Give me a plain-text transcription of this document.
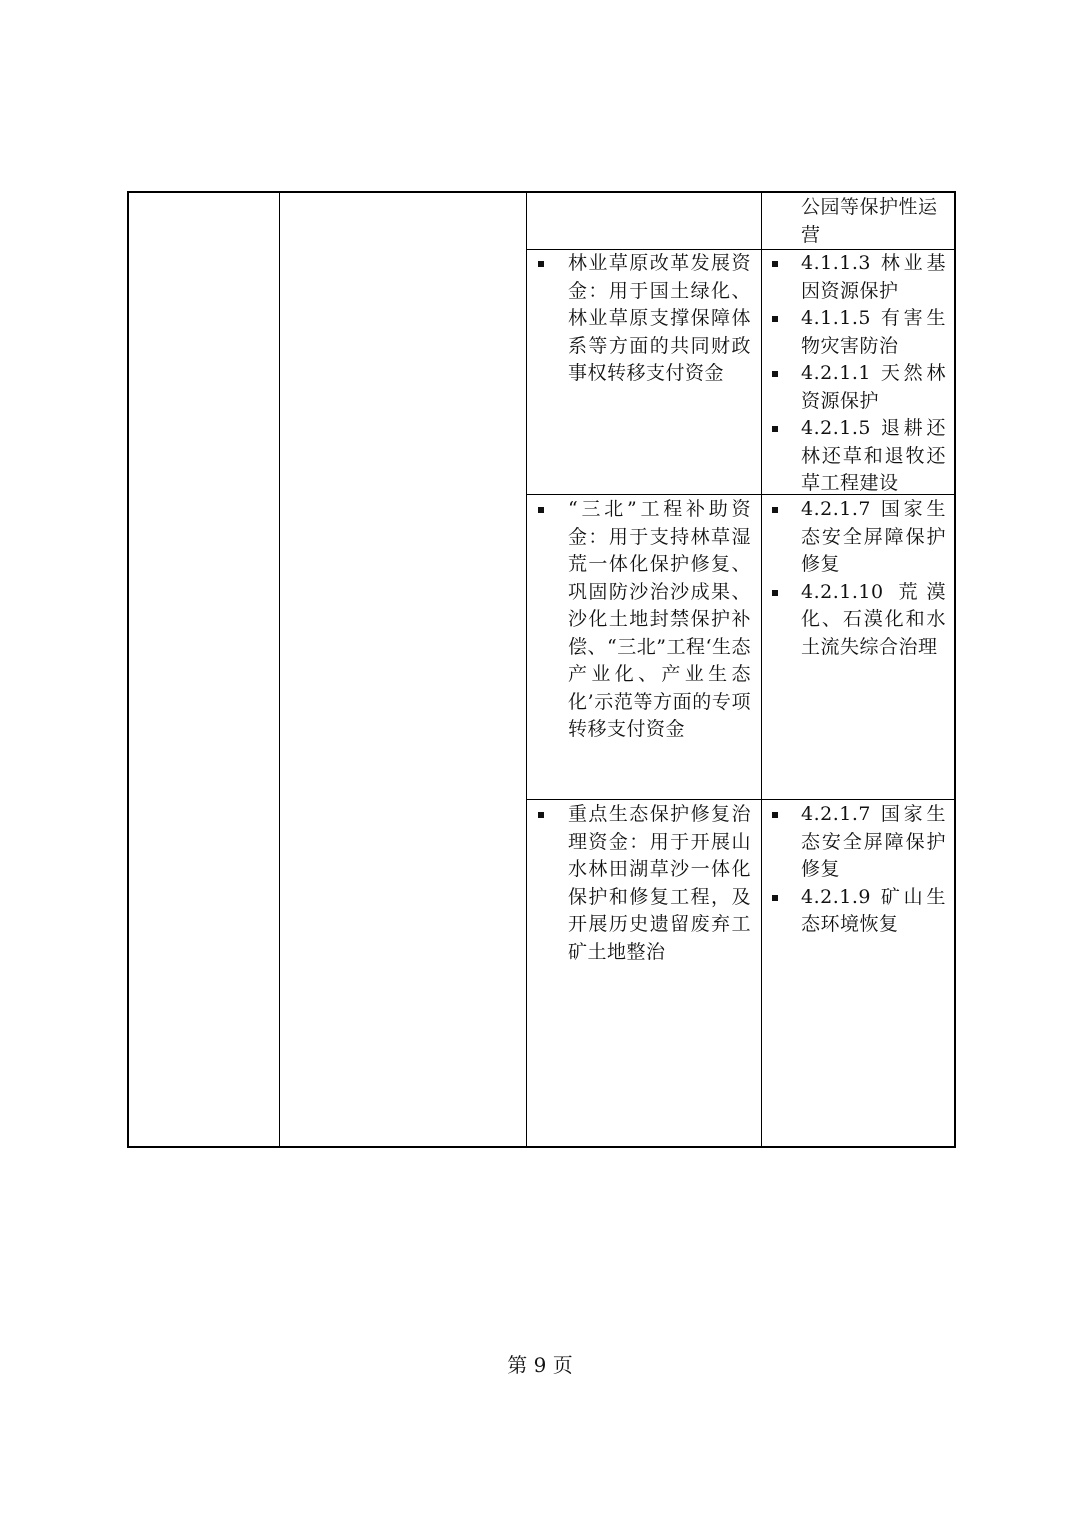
公园等保护性运营
林业草原改革发展资金：用于国土绿化、林业草原支撑保障体系等方面的共同财政事权转移支付资金
4.1.1.3 林业基因资源保护
4.1.1.5 有害生物灾害防治
4.2.1.1 天然林资源保护
4.2.1.5 退耕还林还草和退牧还草工程建设
“三北”工程补助资金：用于支持林草湿荒一体化保护修复、巩固防沙治沙成果、沙化土地封禁保护补偿、“三北”工程‘生态产业化、产业生态化’示范等方面的专项转移支付资金
4.2.1.7 国家生态安全屏障保护修复
4.2.1.10 荒漠化、石漠化和水土流失综合治理
重点生态保护修复治理资金：用于开展山水林田湖草沙一体化保护和修复工程，及开展历史遗留废弃工矿土地整治
4.2.1.7 国家生态安全屏障保护修复
4.2.1.9 矿山生态环境恢复
第 9 页
